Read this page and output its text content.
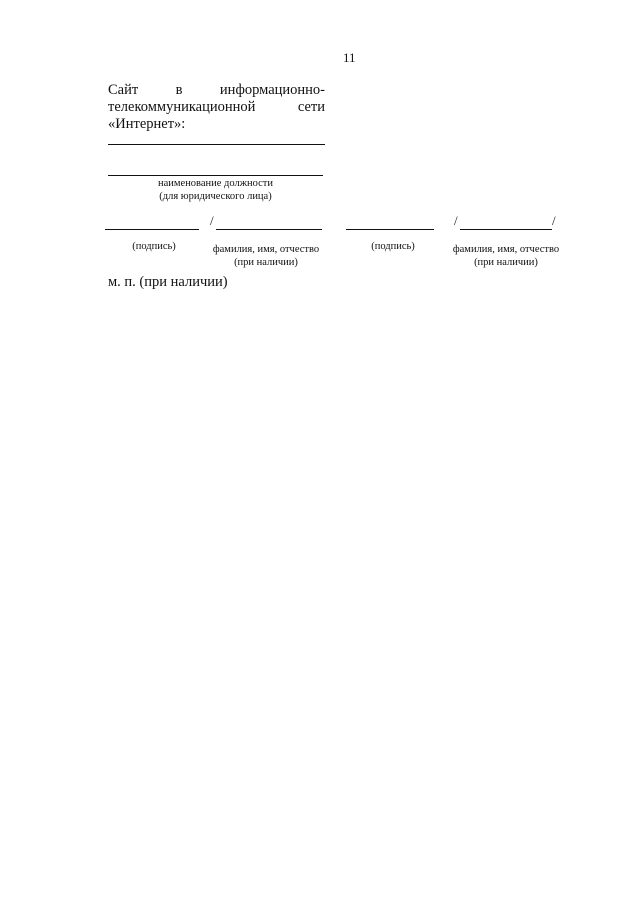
11
Сайт	в	информационно-
телекоммуникационной	сети
«Интернет»:
наименование должности
(для юридического лица)
/
(подпись)	фамилия, имя, отчество
(при наличии)
/	/
(подпись)	фамилия, имя, отчество
(при наличии)
м. п. (при наличии)
